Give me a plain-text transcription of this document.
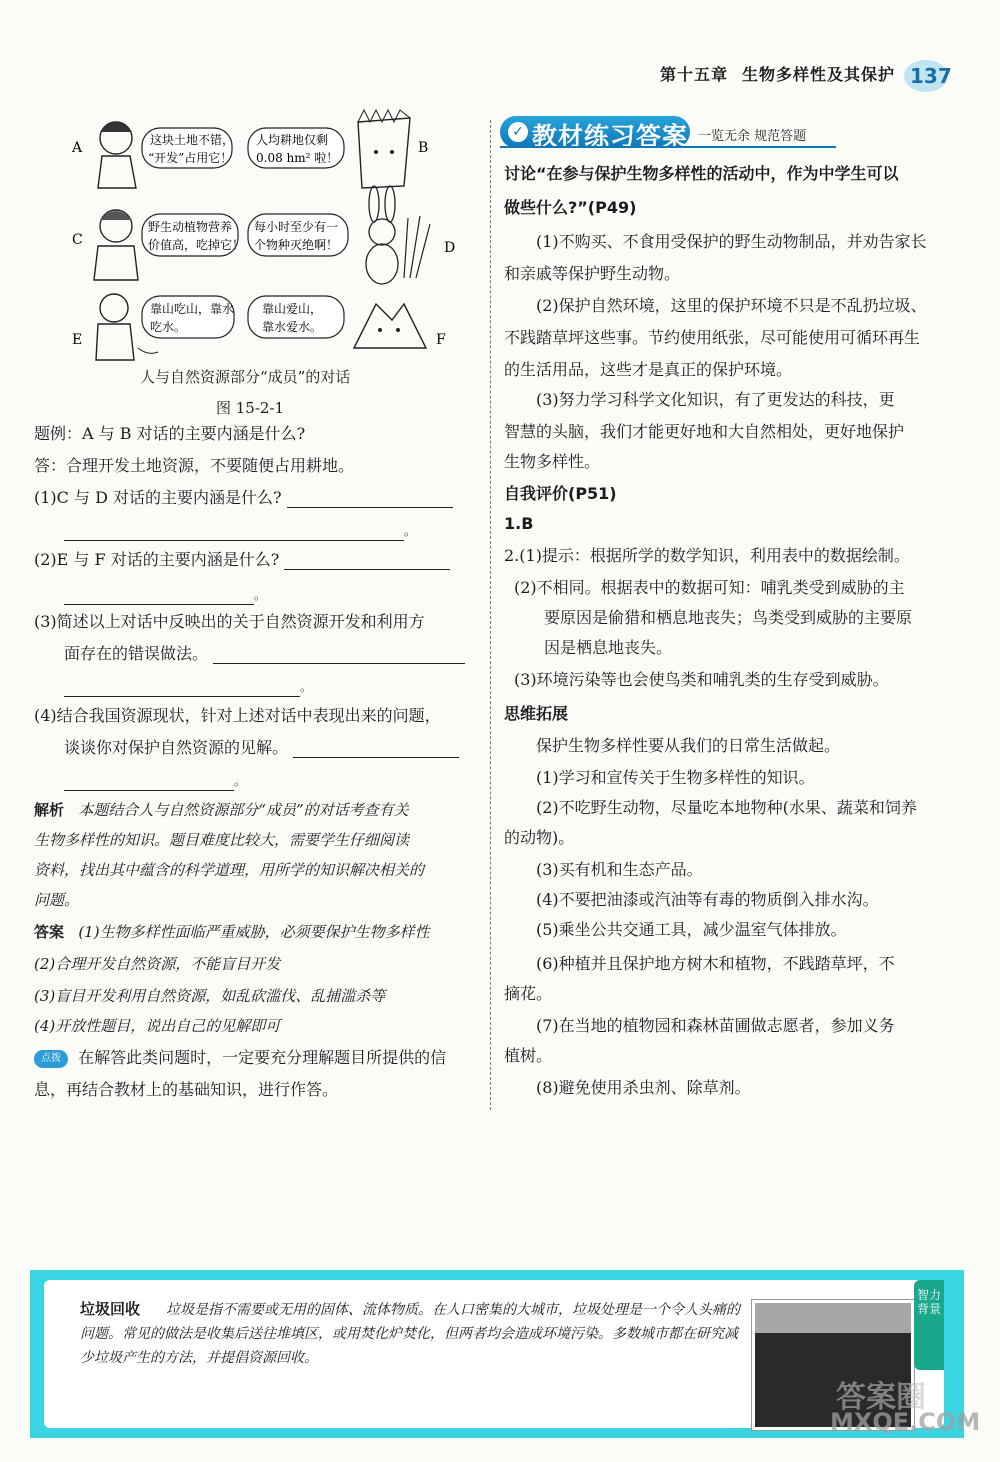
第十五章 生物多样性及其保护 137
A	这块土地不错，
“开发”占用它！
人均耕地仅剩
0.08 hm² 啦！
B
C
野生动植物营养
价值高，吃掉它！
每小时至少有一
个物种灭绝啊！	D
E
靠山吃山，靠水
吃水。
靠山爱山，
靠水爱水。
F
人与自然资源部分“成员”的对话
图 15-2-1
题例：A 与 B 对话的主要内涵是什么?
答：合理开发土地资源，不要随便占用耕地。
(1)C 与 D 对话的主要内涵是什么?
。
(2)E 与 F 对话的主要内涵是什么?
。
(3)简述以上对话中反映出的关于自然资源开发和利用方
面存在的错误做法。
。
(4)结合我国资源现状，针对上述对话中表现出来的问题，
谈谈你对保护自然资源的见解。
。
解析 本题结合人与自然资源部分“成员”的对话考查有关
生物多样性的知识。题目难度比较大，需要学生仔细阅读
资料，找出其中蕴含的科学道理，用所学的知识解决相关的
问题。
答案 (1)生物多样性面临严重威胁，必须要保护生物多样性
(2)合理开发自然资源，不能盲目开发
(3)盲目开发利用自然资源，如乱砍滥伐、乱捕滥杀等
(4)开放性题目，说出自己的见解即可
点拨 在解答此类问题时，一定要充分理解题目所提供的信
息，再结合教材上的基础知识，进行作答。
✓ 教材练习答案 一览无余 规范答题
讨论“在参与保护生物多样性的活动中，作为中学生可以
做些什么?”(P49)
(1)不购买、不食用受保护的野生动物制品，并劝告家长
和亲戚等保护野生动物。
(2)保护自然环境，这里的保护环境不只是不乱扔垃圾、
不践踏草坪这些事。节约使用纸张，尽可能使用可循环再生
的生活用品，这些才是真正的保护环境。
(3)努力学习科学文化知识，有了更发达的科技，更
智慧的头脑，我们才能更好地和大自然相处，更好地保护
生物多样性。
自我评价(P51)
1.B
2.(1)提示：根据所学的数学知识，利用表中的数据绘制。
(2)不相同。根据表中的数据可知：哺乳类受到威胁的主
要原因是偷猎和栖息地丧失；鸟类受到威胁的主要原
因是栖息地丧失。
(3)环境污染等也会使鸟类和哺乳类的生存受到威胁。
思维拓展
保护生物多样性要从我们的日常生活做起。
(1)学习和宣传关于生物多样性的知识。
(2)不吃野生动物，尽量吃本地物种(水果、蔬菜和饲养
的动物)。
(3)买有机和生态产品。
(4)不要把油漆或汽油等有毒的物质倒入排水沟。
(5)乘坐公共交通工具，减少温室气体排放。
(6)种植并且保护地方树木和植物，不践踏草坪，不
摘花。
(7)在当地的植物园和森林苗圃做志愿者，参加义务
植树。
(8)避免使用杀虫剂、除草剂。
垃圾回收	垃圾是指不需要或无用的固体、流体物质。在人口密集的大城市，垃圾处理是一个令人头痛的问题。常见的做法是收集后送往堆填区，或用焚化炉焚化，但两者均会造成环境污染。多数城市都在研究减少垃圾产生的方法，并提倡资源回收。
智力背景
答案圈
MXQE.COM
